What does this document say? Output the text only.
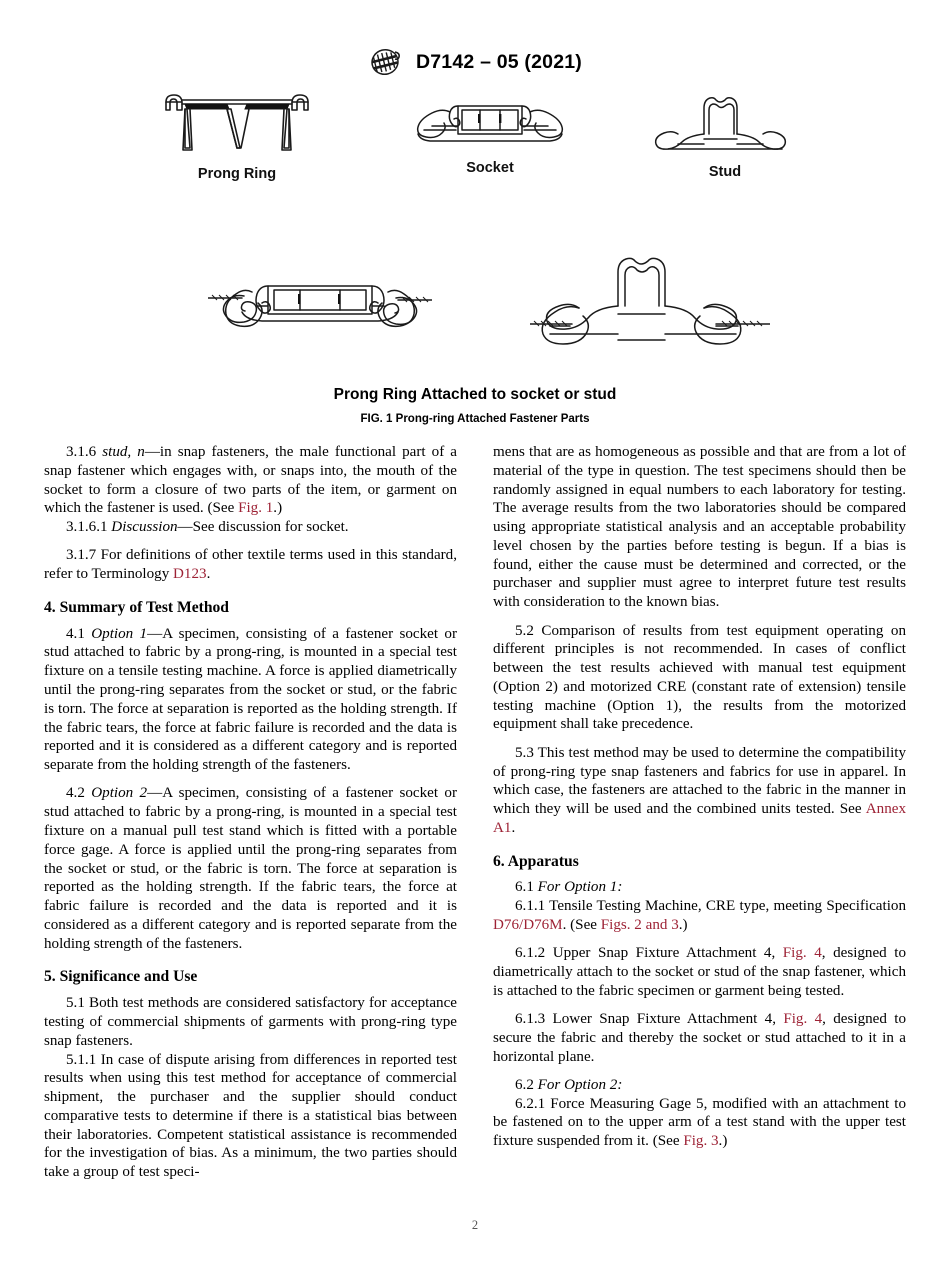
D7142 – 05 (2021)
Prong Ring	Socket	Stud
Prong Ring Attached to socket or stud
FIG. 1 Prong-ring Attached Fastener Parts

3.1.6 stud, n—in snap fasteners, the male functional part of a snap fastener which engages with, or snaps into, the mouth of the socket to form a closure of two parts of the item, or garment on which the fastener is used. (See Fig. 1.)

3.1.6.1 Discussion—See discussion for socket.

3.1.7 For definitions of other textile terms used in this standard, refer to Terminology D123.

4. Summary of Test Method

4.1 Option 1—A specimen, consisting of a fastener socket or stud attached to fabric by a prong-ring, is mounted in a special test fixture on a tensile testing machine. A force is applied diametrically until the prong-ring separates from the socket or stud, or the fabric is torn. The force at separation is reported as the holding strength. If the fabric tears, the force at fabric failure is recorded and the data is reported and it is considered as a different category and is reported separate from the holding strength of the fasteners.

4.2 Option 2—A specimen, consisting of a fastener socket or stud attached to fabric by a prong-ring, is mounted in a special test fixture on a manual pull test stand which is fitted with a portable force gage. A force is applied until the prong-ring separates from the socket or stud, or the fabric is torn. The force at separation is reported as the holding strength. If the fabric tears, the force at fabric failure is recorded and the data is reported and it is considered as a different category and is reported separate from the holding strength of the fasteners.

5. Significance and Use

5.1 Both test methods are considered satisfactory for acceptance testing of commercial shipments of garments with prong-ring type snap fasteners.

5.1.1 In case of dispute arising from differences in reported test results when using this test method for acceptance of commercial shipment, the purchaser and the supplier should conduct comparative tests to determine if there is a statistical bias between their laboratories. Competent statistical assistance is recommended for the investigation of bias. As a minimum, the two parties should take a group of test speci-

mens that are as homogeneous as possible and that are from a lot of material of the type in question. The test specimens should then be randomly assigned in equal numbers to each laboratory for testing. The average results from the two laboratories should be compared using appropriate statistical analysis and an acceptable probability level chosen by the parties before testing is begun. If a bias is found, either the cause must be determined and corrected, or the purchaser and supplier must agree to interpret future test results with consideration to the known bias.

5.2 Comparison of results from test equipment operating on different principles is not recommended. In cases of conflict between the test results achieved with manual test equipment (Option 2) and motorized CRE (constant rate of extension) tensile testing machine (Option 1), the results from the motorized equipment shall take precedence.

5.3 This test method may be used to determine the compatibility of prong-ring type snap fasteners and fabrics for use in apparel. In which case, the fasteners are attached to the fabric in the manner in which they will be used and the combined units tested. See Annex A1.

6. Apparatus

6.1 For Option 1:

6.1.1 Tensile Testing Machine, CRE type, meeting Specification D76/D76M. (See Figs. 2 and 3.)

6.1.2 Upper Snap Fixture Attachment 4, Fig. 4, designed to diametrically attach to the socket or stud of the snap fastener, which is attached to the fabric specimen or garment being tested.

6.1.3 Lower Snap Fixture Attachment 4, Fig. 4, designed to secure the fabric and thereby the socket or stud attached to it in a horizontal plane.

6.2 For Option 2:

6.2.1 Force Measuring Gage 5, modified with an attachment to be fastened on to the upper arm of a test stand with the upper test fixture suspended from it. (See Fig. 3.)

2
